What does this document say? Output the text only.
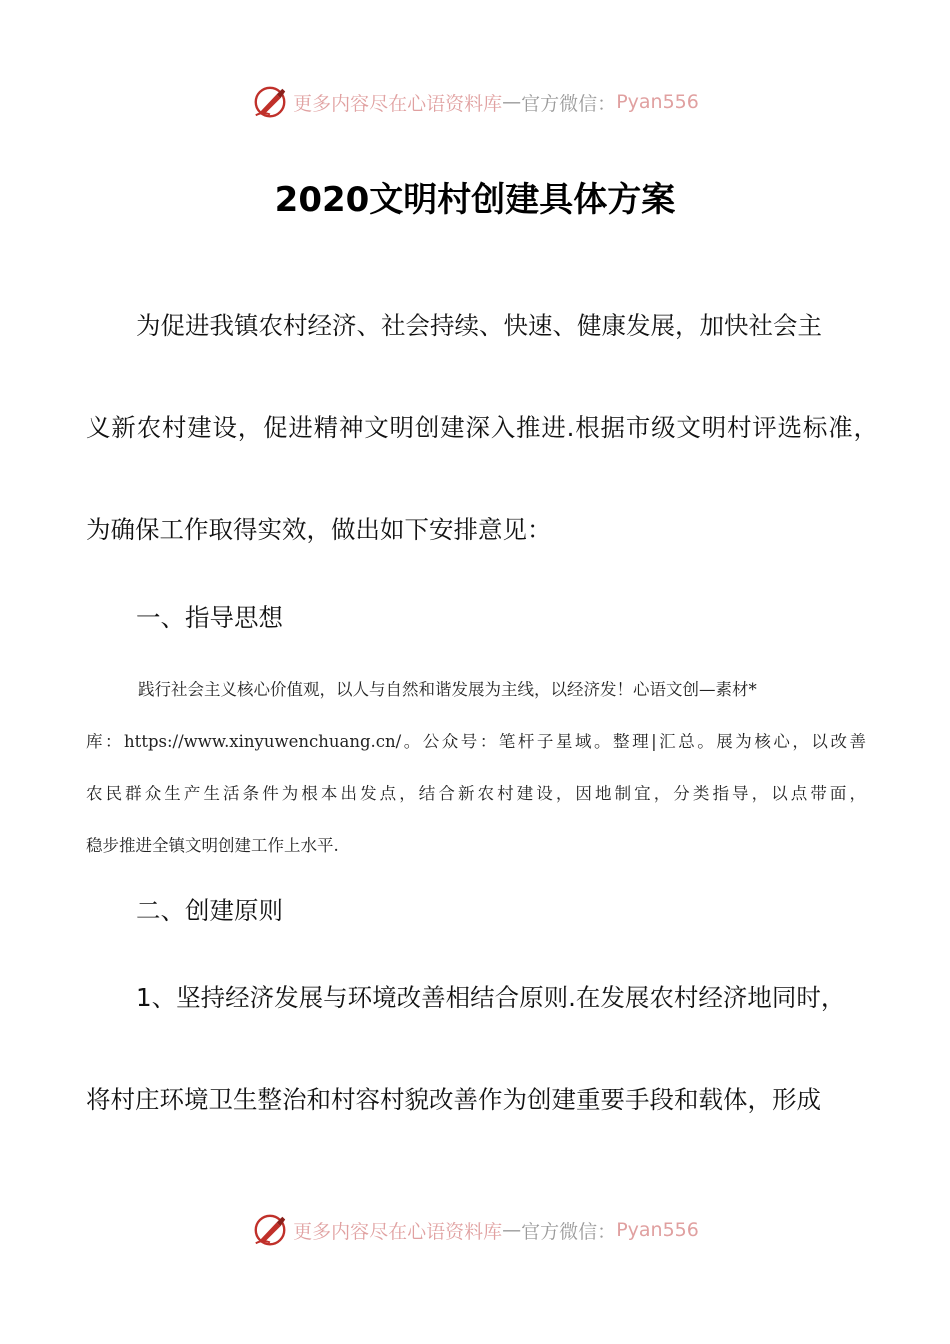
更多内容尽在心语资料库 — 官方微信： Pyan556
2020文明村创建具体方案
为促进我镇农村经济、社会持续、快速、健康发展，加快社会主
义新农村建设，促进精神文明创建深入推进.根据市级文明村评选标准，
为确保工作取得实效，做出如下安排意见：
一、指导思想
践行社会主义核心价值观，以人与自然和谐发展为主线，以经济发！心语文创—素材*
库：https://www.xinyuwenchuang.cn/。公众号：笔杆子星域。整理|汇总。展为核心，以改善
农民群众生产生活条件为根本出发点，结合新农村建设，因地制宜，分类指导，以点带面，
稳步推进全镇文明创建工作上水平.
二、创建原则
1、坚持经济发展与环境改善相结合原则.在发展农村经济地同时，
将村庄环境卫生整治和村容村貌改善作为创建重要手段和载体，形成
更多内容尽在心语资料库 — 官方微信： Pyan556
